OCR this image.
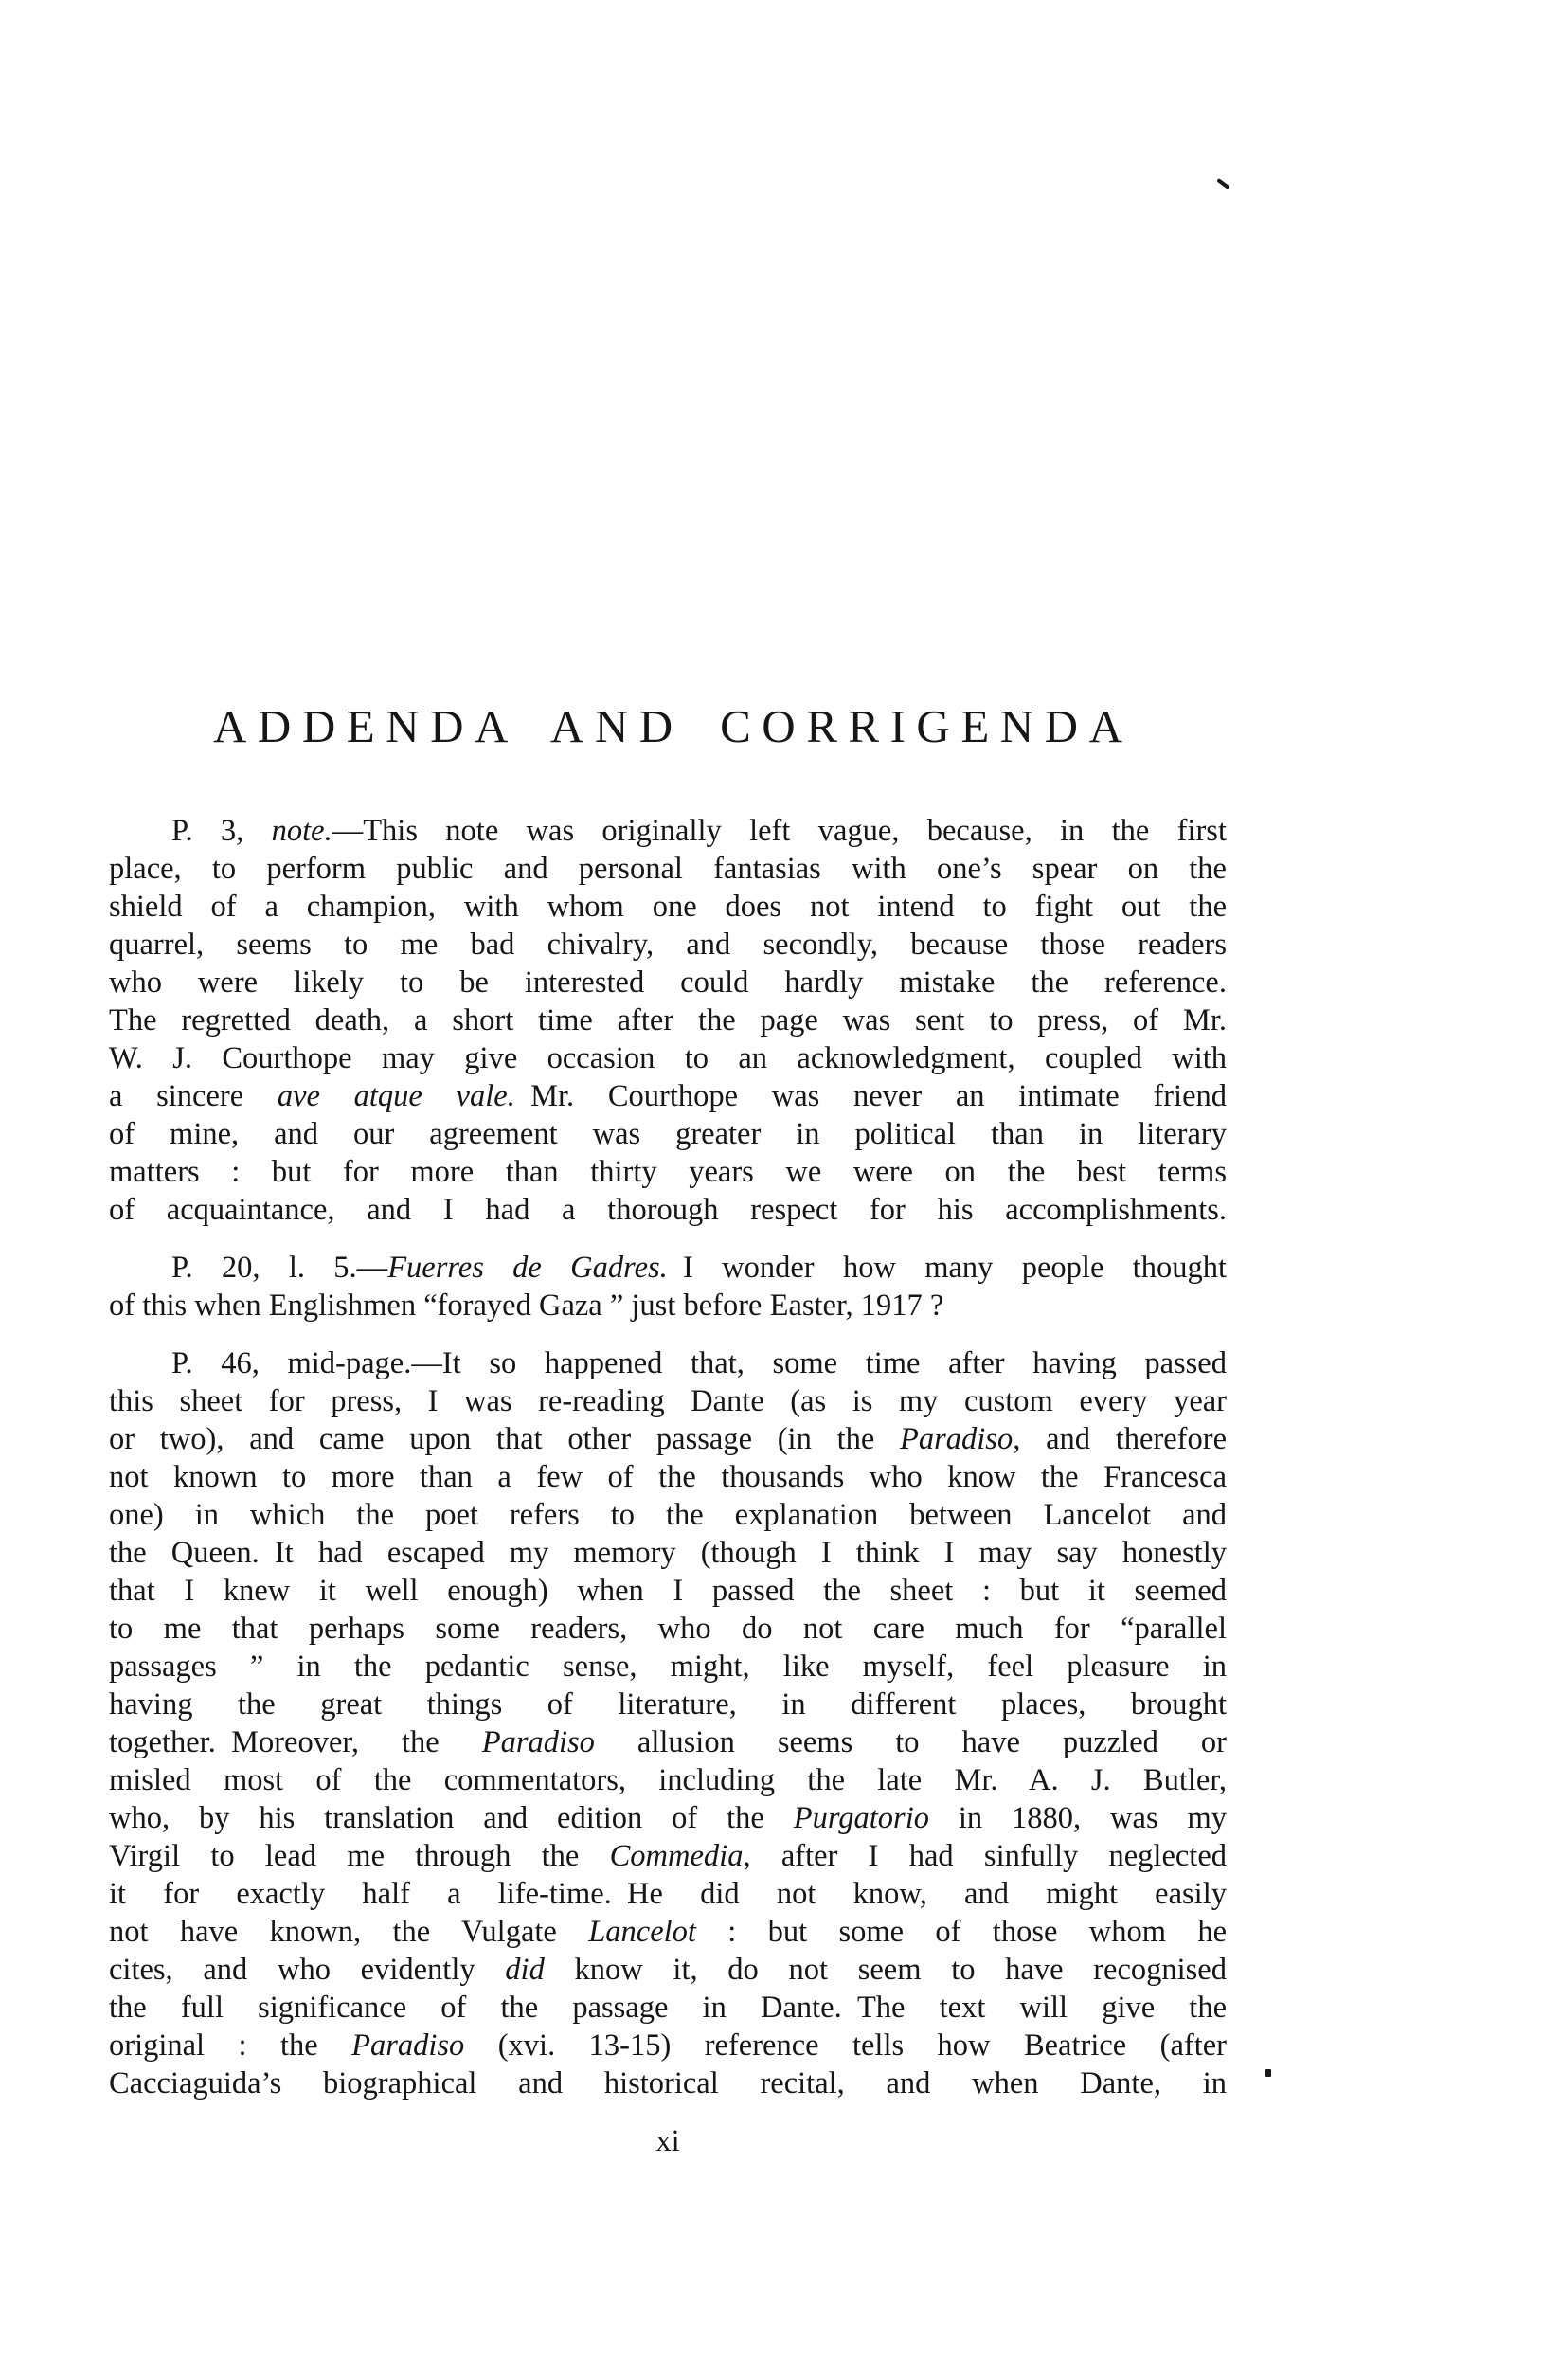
ADDENDA AND CORRIGENDA
P. 3, note.—This note was originally left vague, because, in the first
place, to perform public and personal fantasias with one’s spear on the
shield of a champion, with whom one does not intend to fight out the
quarrel, seems to me bad chivalry, and secondly, because those readers
who were likely to be interested could hardly mistake the reference.
The regretted death, a short time after the page was sent to press, of Mr.
W. J. Courthope may give occasion to an acknowledgment, coupled with
a sincere ave atque vale. Mr. Courthope was never an intimate friend
of mine, and our agreement was greater in political than in literary
matters : but for more than thirty years we were on the best terms
of acquaintance, and I had a thorough respect for his accomplishments.
P. 20, l. 5.—Fuerres de Gadres. I wonder how many people thought
of this when Englishmen “forayed Gaza ” just before Easter, 1917 ?
P. 46, mid-page.—It so happened that, some time after having passed
this sheet for press, I was re-reading Dante (as is my custom every year
or two), and came upon that other passage (in the Paradiso, and therefore
not known to more than a few of the thousands who know the Francesca
one) in which the poet refers to the explanation between Lancelot and
the Queen. It had escaped my memory (though I think I may say honestly
that I knew it well enough) when I passed the sheet : but it seemed
to me that perhaps some readers, who do not care much for “parallel
passages ” in the pedantic sense, might, like myself, feel pleasure in
having the great things of literature, in different places, brought
together. Moreover, the Paradiso allusion seems to have puzzled or
misled most of the commentators, including the late Mr. A. J. Butler,
who, by his translation and edition of the Purgatorio in 1880, was my
Virgil to lead me through the Commedia, after I had sinfully neglected
it for exactly half a life-time. He did not know, and might easily
not have known, the Vulgate Lancelot : but some of those whom he
cites, and who evidently did know it, do not seem to have recognised
the full significance of the passage in Dante. The text will give the
original : the Paradiso (xvi. 13-15) reference tells how Beatrice (after
Cacciaguida’s biographical and historical recital, and when Dante, in
xi
